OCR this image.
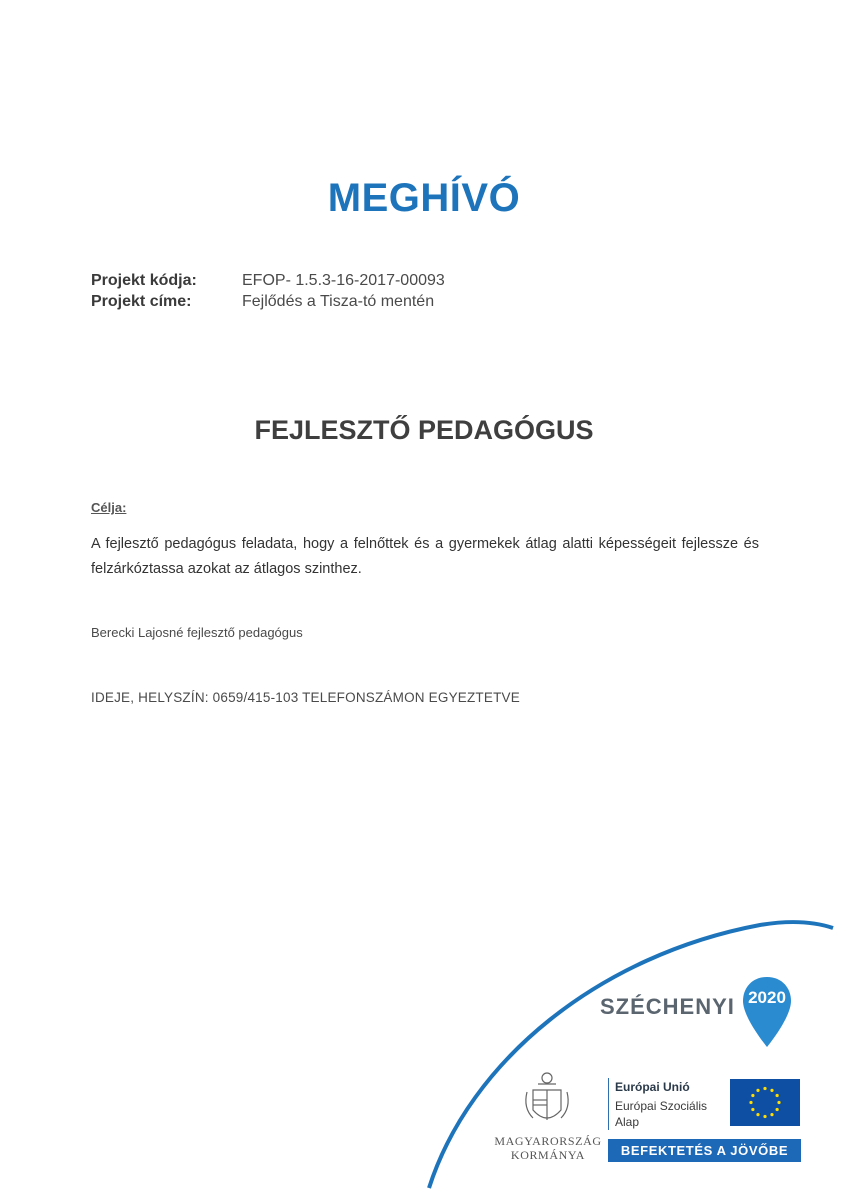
MEGHÍVÓ
Projekt kódja:	EFOP- 1.5.3-16-2017-00093
Projekt címe:	Fejlődés a Tisza-tó mentén
FEJLESZTŐ PEDAGÓGUS
Célja:
A fejlesztő pedagógus feladata, hogy a felnőttek és a gyermekek átlag alatti képességeit fejlessze és felzárkóztassa azokat az átlagos szinthez.
Berecki Lajosné fejlesztő pedagógus
IDEJE, HELYSZÍN: 0659/415-103 TELEFONSZÁMON EGYEZTETVE
SZÉCHENYI 2020
MAGYARORSZÁG KORMÁNYA
Európai Unió
Európai Szociális Alap
BEFEKTETÉS A JÖVŐBE
